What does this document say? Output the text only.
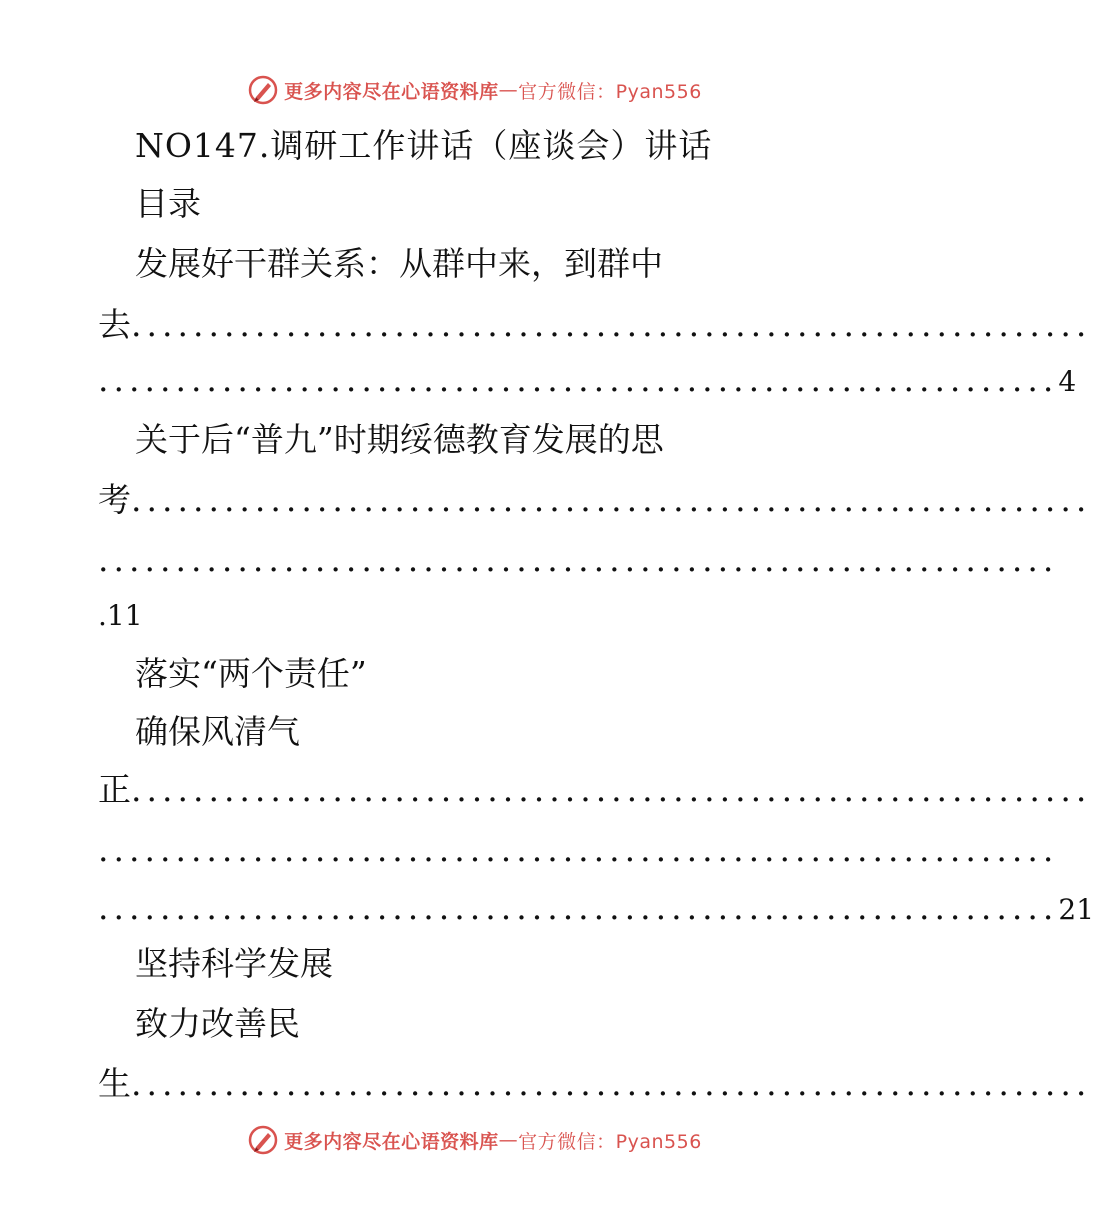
更多内容尽在心语资料库 — 官方微信：Pyan556
NO147.调研工作讲话（座谈会）讲话
目录
发展好干群关系：从群中来，到群中
去 ..............................................................
.............................................................. 4
关于后“普九”时期绥德教育发展的思
考 ..............................................................
..............................................................
.11
落实“两个责任”
确保风清气
正 ..............................................................
..............................................................
.............................................................. 21
坚持科学发展
致力改善民
生 ..............................................................
更多内容尽在心语资料库 — 官方微信：Pyan556
